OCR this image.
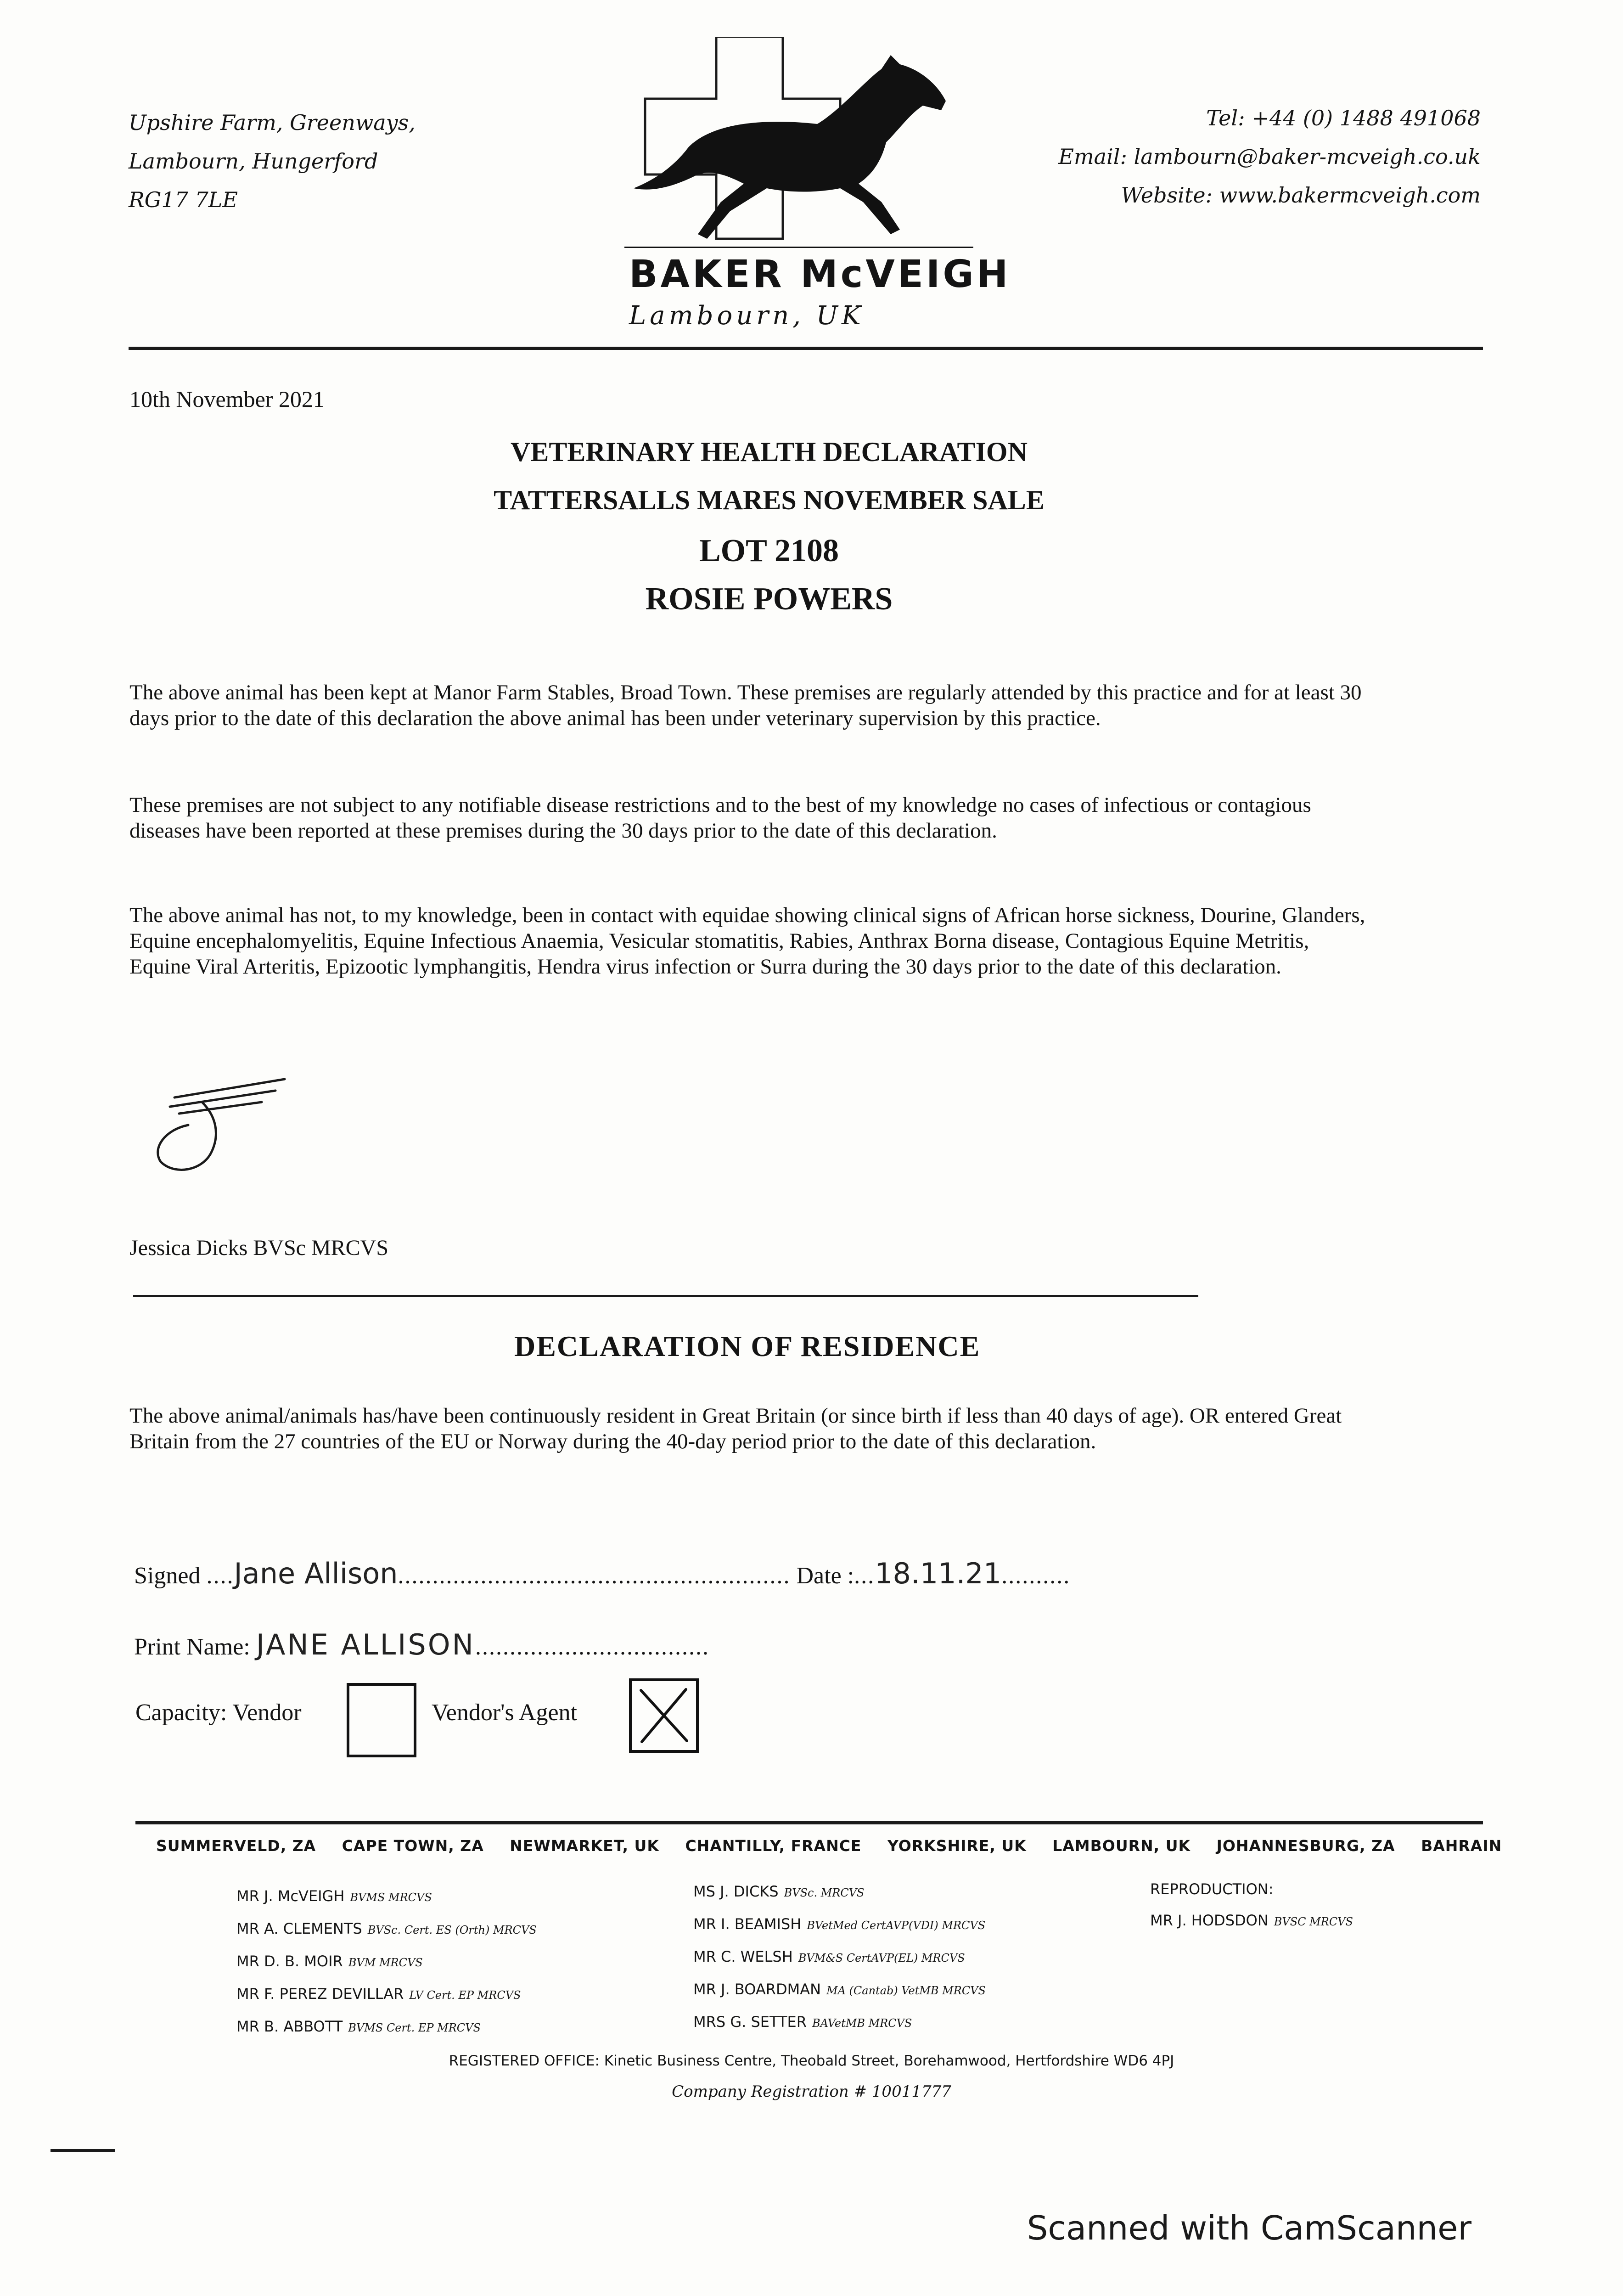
Upshire Farm, Greenways,
Lambourn, Hungerford
RG17 7LE
BAKER McVEIGH
Lambourn, UK
Tel: +44 (0) 1488 491068
Email: lambourn@baker-mcveigh.co.uk
Website: www.bakermcveigh.com
10th November 2021
VETERINARY HEALTH DECLARATION
TATTERSALLS MARES NOVEMBER SALE
LOT 2108
ROSIE POWERS
The above animal has been kept at Manor Farm Stables, Broad Town. These premises are regularly attended by this practice and for at least 30 days prior to the date of this declaration the above animal has been under veterinary supervision by this practice.
These premises are not subject to any notifiable disease restrictions and to the best of my knowledge no cases of infectious or contagious diseases have been reported at these premises during the 30 days prior to the date of this declaration.
The above animal has not, to my knowledge, been in contact with equidae showing clinical signs of African horse sickness, Dourine, Glanders, Equine encephalomyelitis, Equine Infectious Anaemia, Vesicular stomatitis, Rabies, Anthrax Borna disease, Contagious Equine Metritis, Equine Viral Arteritis, Epizootic lymphangitis, Hendra virus infection or Surra during the 30 days prior to the date of this declaration.
Jessica Dicks BVSc MRCVS
DECLARATION OF RESIDENCE
The above animal/animals has/have been continuously resident in Great Britain (or since birth if less than 40 days of age). OR entered Great Britain from the 27 countries of the EU or Norway during the 40-day period prior to the date of this declaration.
Signed ....Jane Allison......................................................... Date :...18.11.21..........
Print Name: JANE ALLISON..................................
Capacity: Vendor	Vendor's Agent
SUMMERVELD, ZA CAPE TOWN, ZA NEWMARKET, UK CHANTILLY, FRANCE YORKSHIRE, UK LAMBOURN, UK JOHANNESBURG, ZA BAHRAIN
MR J. McVEIGH BVMS MRCVS
MR A. CLEMENTS BVSc. Cert. ES (Orth) MRCVS
MR D. B. MOIR BVM MRCVS
MR F. PEREZ DEVILLAR LV Cert. EP MRCVS
MR B. ABBOTT BVMS Cert. EP MRCVS
MS J. DICKS BVSc. MRCVS
MR I. BEAMISH BVetMed CertAVP(VDI) MRCVS
MR C. WELSH BVM&S CertAVP(EL) MRCVS
MR J. BOARDMAN MA (Cantab) VetMB MRCVS
MRS G. SETTER BAVetMB MRCVS
REPRODUCTION:
MR J. HODSDON BVSC MRCVS
REGISTERED OFFICE: Kinetic Business Centre, Theobald Street, Borehamwood, Hertfordshire WD6 4PJ
Company Registration # 10011777
Scanned with CamScanner
